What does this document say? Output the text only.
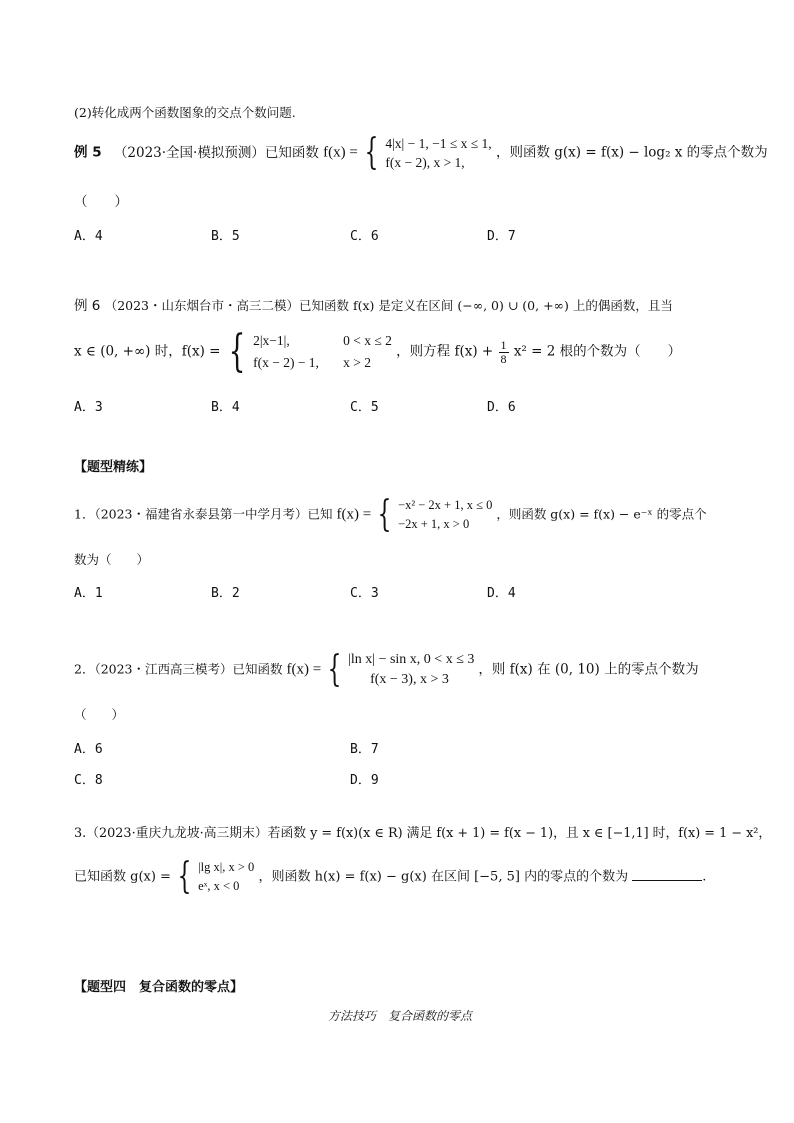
(2)转化成两个函数图象的交点个数问题.
例 5 （2023·全国·模拟预测）已知函数 f(x) = { 4|x| − 1, −1 ≤ x ≤ 1,
f(x − 2), x > 1,
，则函数 g(x) = f(x) − log₂ x 的零点个数为
（　　）
A．4	B．5	C．6	D．7
例 6 （2023・山东烟台市・高三二模）已知函数 f(x) 是定义在区间 (−∞, 0) ∪ (0, +∞) 上的偶函数，且当
x ∈ (0, +∞) 时，f(x) = { 2|x−1|,	0 < x ≤ 2
f(x − 2) − 1, x > 2
，则方程 $f(x) + \frac{1}{8} x^2 = 2$ 根的个数为（　　）
A．3	B．4	C．5	D．6
【题型精练】
1．（2023・福建省永泰县第一中学月考）已知 f(x) = { −x² − 2x + 1, x ≤ 0
−2x + 1, x > 0
，则函数 g(x) = f(x) − e⁻ˣ 的零点个
数为（　　）
A．1	B．2	C．3	D．4
2．（2023・江西高三模考）已知函数 f(x) = { |ln x| − sin x, 0 < x ≤ 3
f(x − 3), x > 3
，则 f(x) 在 (0, 10) 上的零点个数为
（　　）
A．6	B．7
C．8	D．9
3.（2023·重庆九龙坡·高三期末）若函数 y = f(x)(x ∈ R) 满足 f(x + 1) = f(x − 1)，且 x ∈ [−1,1] 时，f(x) = 1 − x²，
已知函数 g(x) = { |lg x|, x > 0
eˣ, x < 0
，则函数 h(x) = f(x) − g(x) 在区间 [−5, 5] 内的零点的个数为	.
【题型四　复合函数的零点】
方法技巧　复合函数的零点
